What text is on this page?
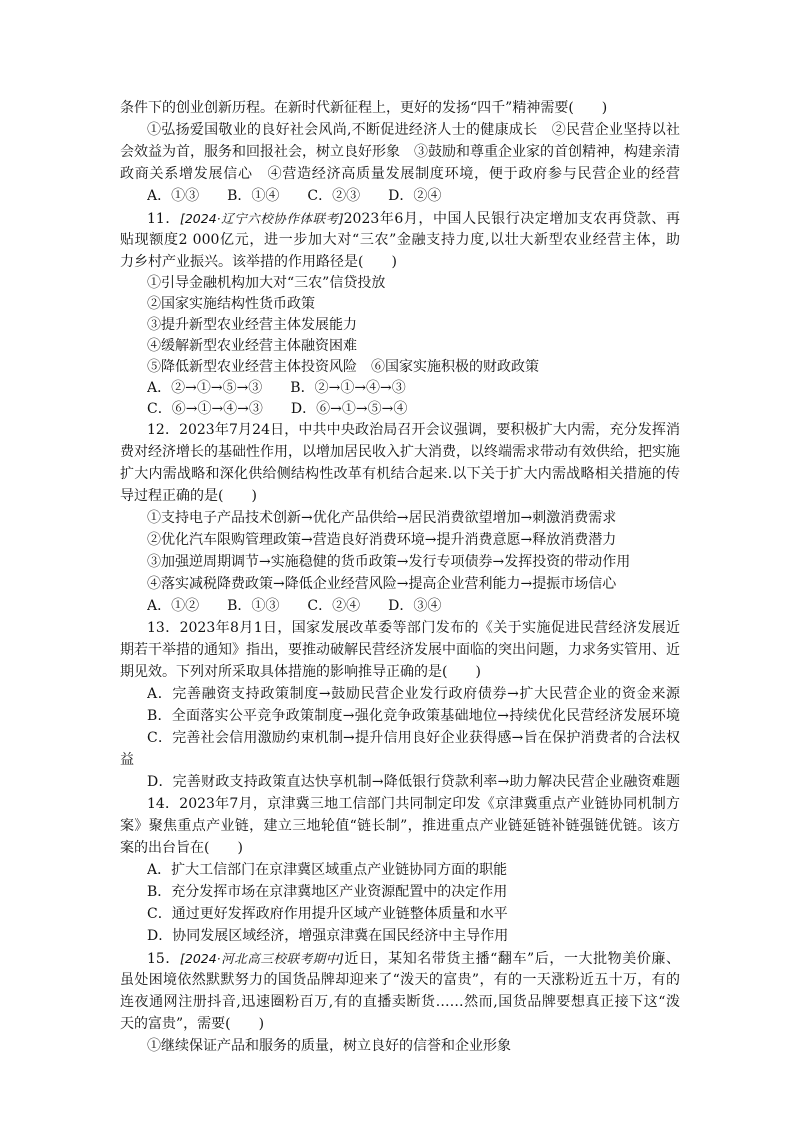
条件下的创业创新历程。在新时代新征程上，更好的发扬“四千”精神需要(　　)
①弘扬爱国敬业的良好社会风尚,不断促进经济人士的健康成长　②民营企业坚持以社
会效益为首，服务和回报社会，树立良好形象　③鼓励和尊重企业家的首创精神，构建亲清
政商关系增发展信心　④营造经济高质量发展制度环境，便于政府参与民营企业的经营
A．①③　　B．①④　　C．②③　　D．②④
11．[2024·辽宁六校协作体联考]2023年6月，中国人民银行决定增加支农再贷款、再
贴现额度2 000亿元，进一步加大对“三农”金融支持力度,以壮大新型农业经营主体，助
力乡村产业振兴。该举措的作用路径是(　　)
①引导金融机构加大对“三农”信贷投放
②国家实施结构性货币政策
③提升新型农业经营主体发展能力
④缓解新型农业经营主体融资困难
⑤降低新型农业经营主体投资风险　⑥国家实施积极的财政政策
A．②→①→⑤→③　　B．②→①→④→③
C．⑥→①→④→③　　D．⑥→①→⑤→④
12．2023年7月24日，中共中央政治局召开会议强调，要积极扩大内需，充分发挥消
费对经济增长的基础性作用，以增加居民收入扩大消费，以终端需求带动有效供给，把实施
扩大内需战略和深化供给侧结构性改革有机结合起来.以下关于扩大内需战略相关措施的传
导过程正确的是(　　)
①支持电子产品技术创新→优化产品供给→居民消费欲望增加→刺激消费需求
②优化汽车限购管理政策→营造良好消费环境→提升消费意愿→释放消费潜力
③加强逆周期调节→实施稳健的货币政策→发行专项债券→发挥投资的带动作用
④落实减税降费政策→降低企业经营风险→提高企业营利能力→提振市场信心
A．①②　　B．①③　　C．②④　　D．③④
13．2023年8月1日，国家发展改革委等部门发布的《关于实施促进民营经济发展近
期若干举措的通知》指出，要推动破解民营经济发展中面临的突出问题，力求务实管用、近
期见效。下列对所采取具体措施的影响推导正确的是(　　)
A．完善融资支持政策制度→鼓励民营企业发行政府债券→扩大民营企业的资金来源
B．全面落实公平竞争政策制度→强化竞争政策基础地位→持续优化民营经济发展环境
C．完善社会信用激励约束机制→提升信用良好企业获得感→旨在保护消费者的合法权
益
D．完善财政支持政策直达快享机制→降低银行贷款利率→助力解决民营企业融资难题
14．2023年7月，京津冀三地工信部门共同制定印发《京津冀重点产业链协同机制方
案》聚焦重点产业链，建立三地轮值“链长制”，推进重点产业链延链补链强链优链。该方
案的出台旨在(　　)
A．扩大工信部门在京津冀区域重点产业链协同方面的职能
B．充分发挥市场在京津冀地区产业资源配置中的决定作用
C．通过更好发挥政府作用提升区域产业链整体质量和水平
D．协同发展区域经济，增强京津冀在国民经济中主导作用
15．[2024·河北高三校联考期中]近日，某知名带货主播“翻车”后，一大批物美价廉、
虽处困境依然默默努力的国货品牌却迎来了“泼天的富贵”，有的一天涨粉近五十万，有的
连夜通网注册抖音,迅速圈粉百万,有的直播卖断货……然而,国货品牌要想真正接下这“泼
天的富贵”，需要(　　)
①继续保证产品和服务的质量，树立良好的信誉和企业形象
